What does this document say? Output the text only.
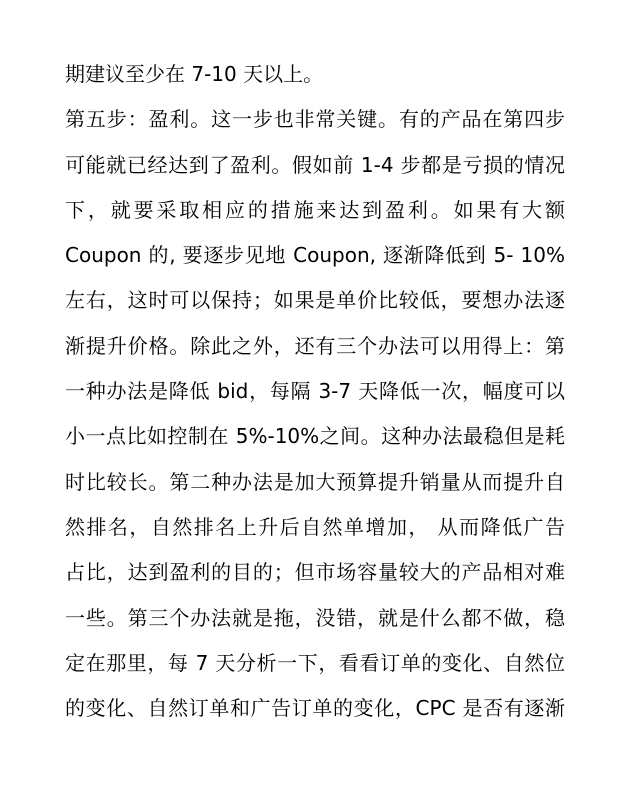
期建议至少在 7-10 天以上。
第五步：盈利。这一步也非常关键。有的产品在第四步
可能就已经达到了盈利。假如前 1-4 步都是亏损的情况
下，就要采取相应的措施来达到盈利。如果有大额
Coupon 的, 要逐步见地 Coupon, 逐渐降低到 5- 10%
左右，这时可以保持；如果是单价比较低，要想办法逐
渐提升价格。除此之外，还有三个办法可以用得上：第
一种办法是降低 bid，每隔 3-7 天降低一次，幅度可以
小一点比如控制在 5%-10%之间。这种办法最稳但是耗
时比较长。第二种办法是加大预算提升销量从而提升自
然排名，自然排名上升后自然单增加， 从而降低广告
占比，达到盈利的目的；但市场容量较大的产品相对难
一些。第三个办法就是拖，没错，就是什么都不做，稳
定在那里，每 7 天分析一下，看看订单的变化、自然位
的变化、自然订单和广告订单的变化，CPC 是否有逐渐
